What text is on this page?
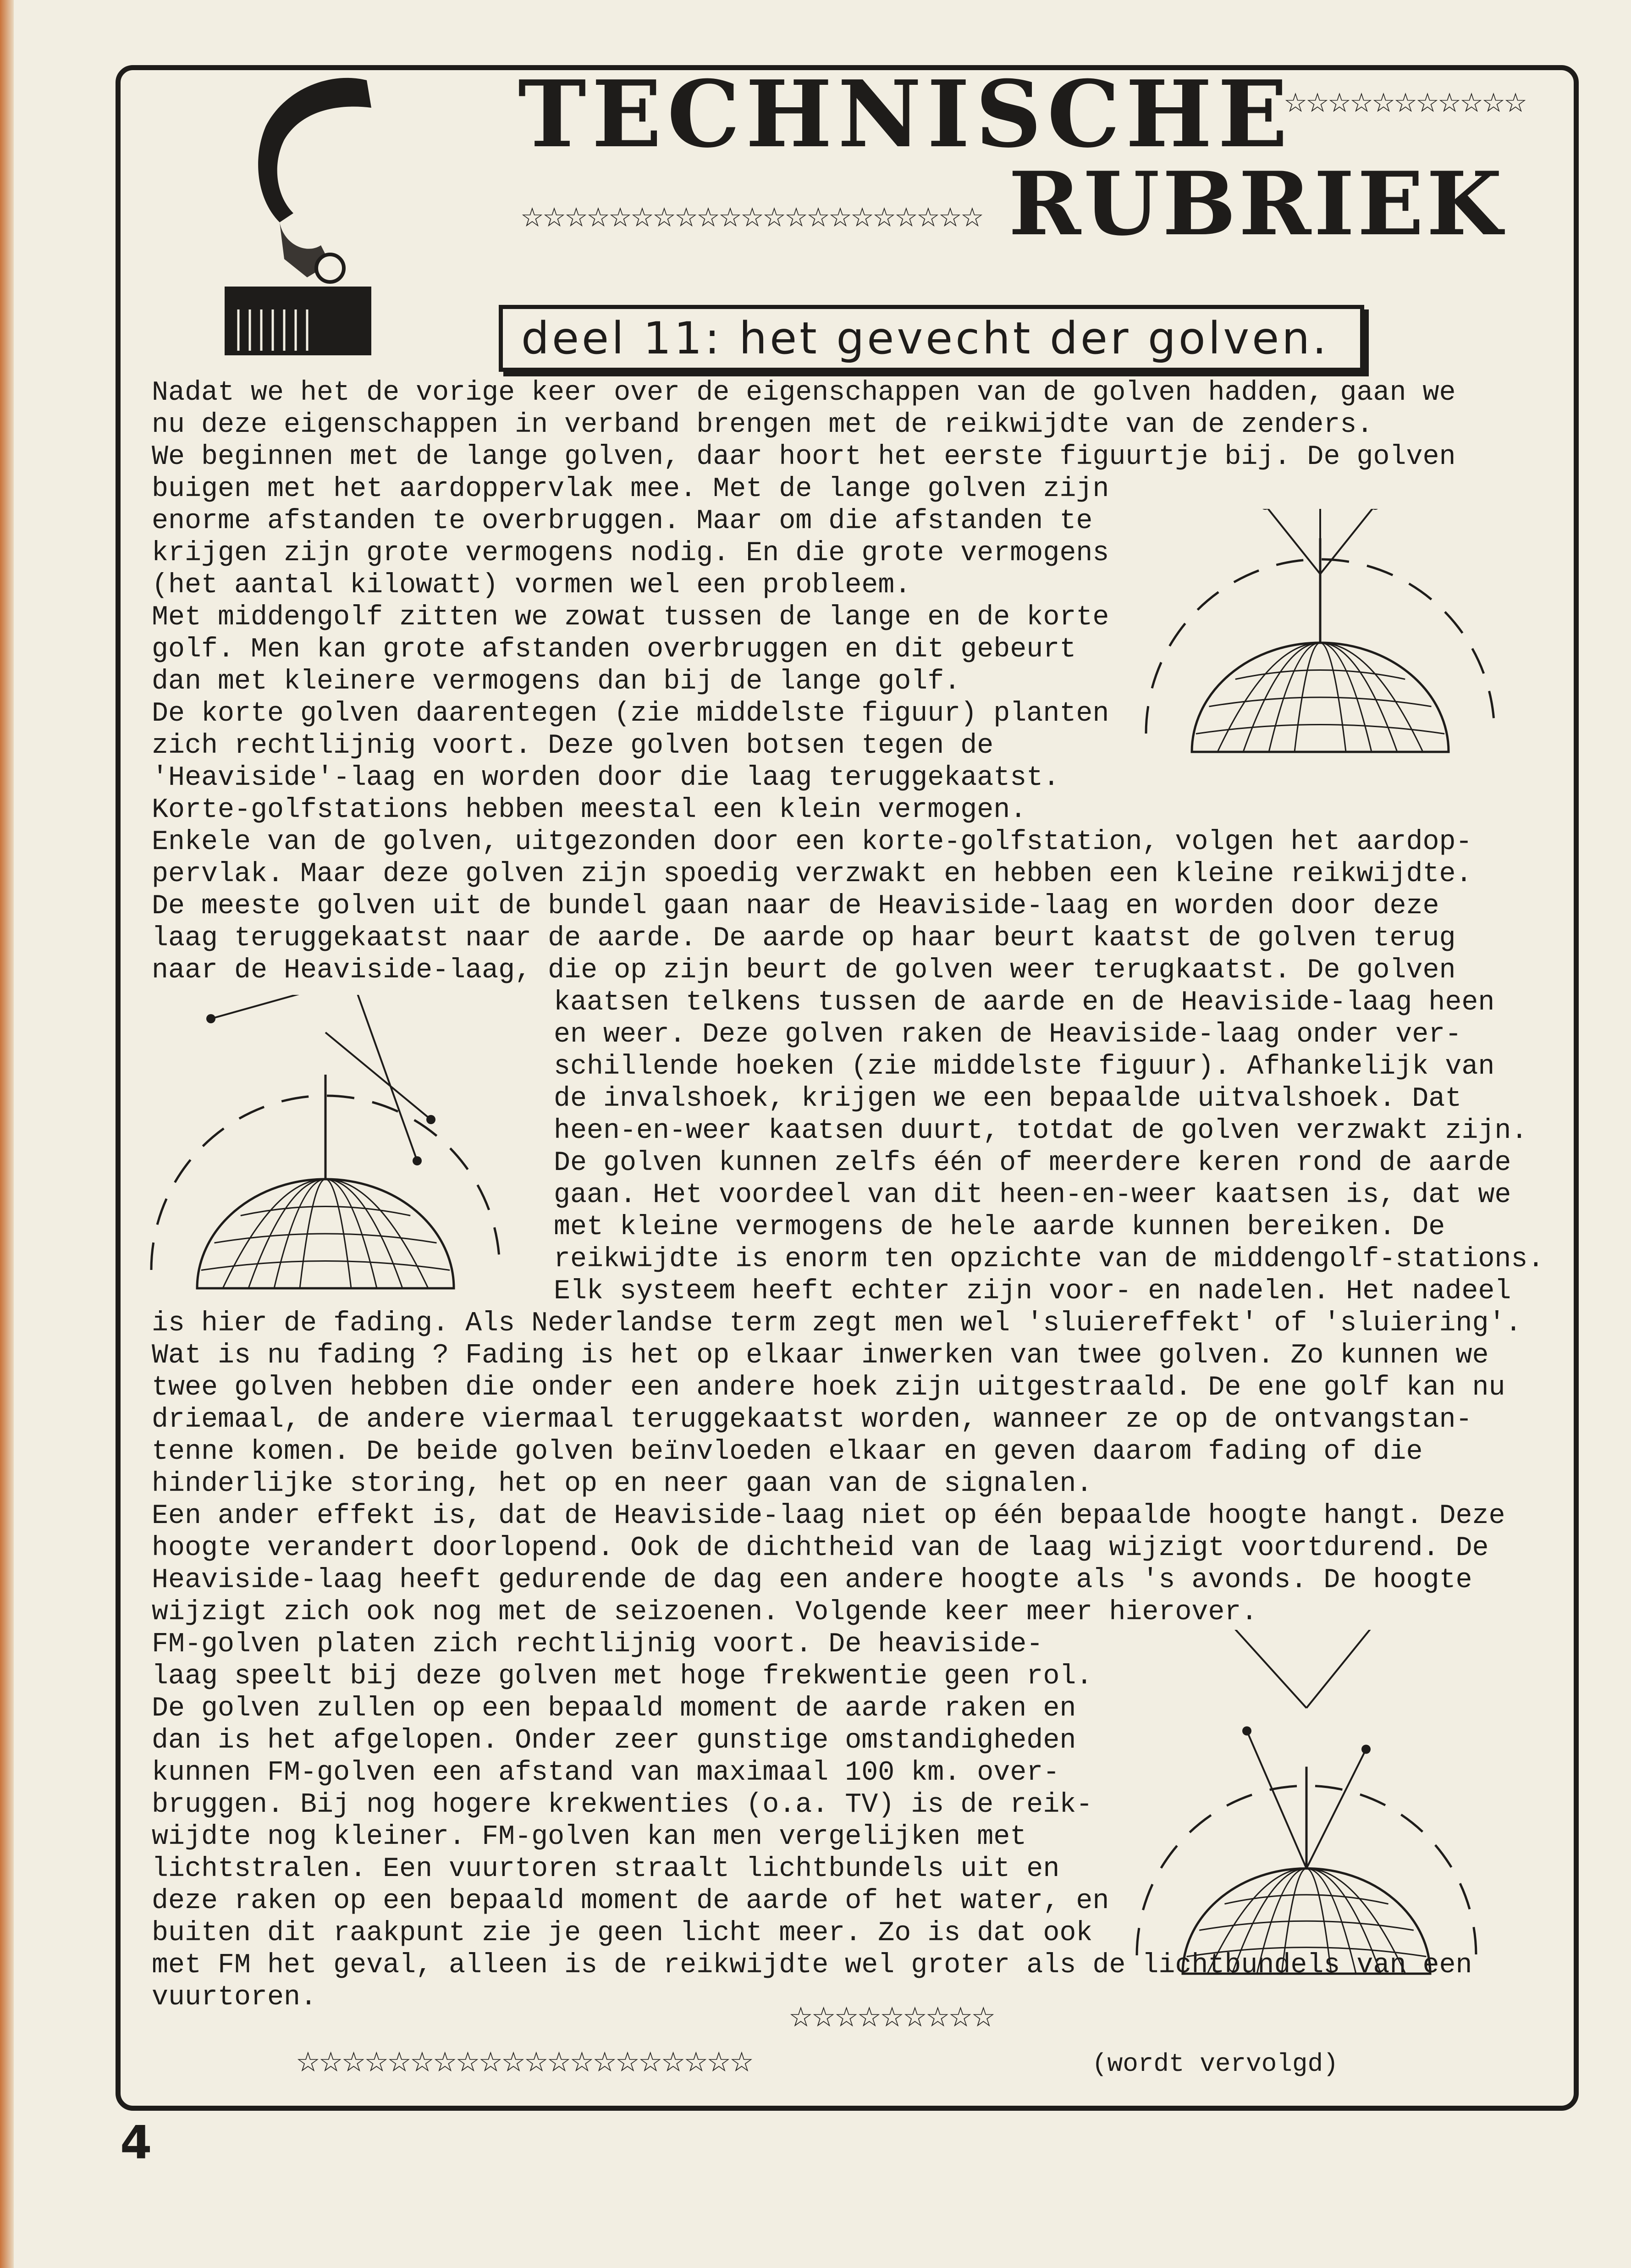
TECHNISCHE
☆☆☆☆☆☆☆☆☆☆☆
☆☆☆☆☆☆☆☆☆☆☆☆☆☆☆☆☆☆☆☆☆ RUBRIEK
deel 11: het gevecht der golven.
Nadat we het de vorige keer over de eigenschappen van de golven hadden, gaan we
nu deze eigenschappen in verband brengen met de reikwijdte van de zenders.
We beginnen met de lange golven, daar hoort het eerste figuurtje bij. De golven
buigen met het aardoppervlak mee. Met de lange golven zijn
enorme afstanden te overbruggen. Maar om die afstanden te
krijgen zijn grote vermogens nodig. En die grote vermogens
(het aantal kilowatt) vormen wel een probleem.
Met middengolf zitten we zowat tussen de lange en de korte
golf. Men kan grote afstanden overbruggen en dit gebeurt
dan met kleinere vermogens dan bij de lange golf.
De korte golven daarentegen (zie middelste figuur) planten
zich rechtlijnig voort. Deze golven botsen tegen de
'Heaviside'-laag en worden door die laag teruggekaatst.
Korte-golfstations hebben meestal een klein vermogen.
Enkele van de golven, uitgezonden door een korte-golfstation, volgen het aardop-
pervlak. Maar deze golven zijn spoedig verzwakt en hebben een kleine reikwijdte.
De meeste golven uit de bundel gaan naar de Heaviside-laag en worden door deze
laag teruggekaatst naar de aarde. De aarde op haar beurt kaatst de golven terug
naar de Heaviside-laag, die op zijn beurt de golven weer terugkaatst. De golven
kaatsen telkens tussen de aarde en de Heaviside-laag heen
en weer. Deze golven raken de Heaviside-laag onder ver-
schillende hoeken (zie middelste figuur). Afhankelijk van
de invalshoek, krijgen we een bepaalde uitvalshoek. Dat
heen-en-weer kaatsen duurt, totdat de golven verzwakt zijn.
De golven kunnen zelfs één of meerdere keren rond de aarde
gaan. Het voordeel van dit heen-en-weer kaatsen is, dat we
met kleine vermogens de hele aarde kunnen bereiken. De
reikwijdte is enorm ten opzichte van de middengolf-stations.
Elk systeem heeft echter zijn voor- en nadelen. Het nadeel
is hier de fading. Als Nederlandse term zegt men wel 'sluiereffekt' of 'sluiering'.
Wat is nu fading ? Fading is het op elkaar inwerken van twee golven. Zo kunnen we
twee golven hebben die onder een andere hoek zijn uitgestraald. De ene golf kan nu
driemaal, de andere viermaal teruggekaatst worden, wanneer ze op de ontvangstan-
tenne komen. De beide golven beïnvloeden elkaar en geven daarom fading of die
hinderlijke storing, het op en neer gaan van de signalen.
Een ander effekt is, dat de Heaviside-laag niet op één bepaalde hoogte hangt. Deze
hoogte verandert doorlopend. Ook de dichtheid van de laag wijzigt voortdurend. De
Heaviside-laag heeft gedurende de dag een andere hoogte als 's avonds. De hoogte
wijzigt zich ook nog met de seizoenen. Volgende keer meer hierover.
FM-golven platen zich rechtlijnig voort. De heaviside-
laag speelt bij deze golven met hoge frekwentie geen rol.
De golven zullen op een bepaald moment de aarde raken en
dan is het afgelopen. Onder zeer gunstige omstandigheden
kunnen FM-golven een afstand van maximaal 100 km. over-
bruggen. Bij nog hogere krekwenties (o.a. TV) is de reik-
wijdte nog kleiner. FM-golven kan men vergelijken met
lichtstralen. Een vuurtoren straalt lichtbundels uit en
deze raken op een bepaald moment de aarde of het water, en
buiten dit raakpunt zie je geen licht meer. Zo is dat ook
met FM het geval, alleen is de reikwijdte wel groter als de lichtbundels van een
vuurtoren.
☆☆☆☆☆☆☆☆☆
☆☆☆☆☆☆☆☆☆☆☆☆☆☆☆☆☆☆☆☆	(wordt vervolgd)
4
